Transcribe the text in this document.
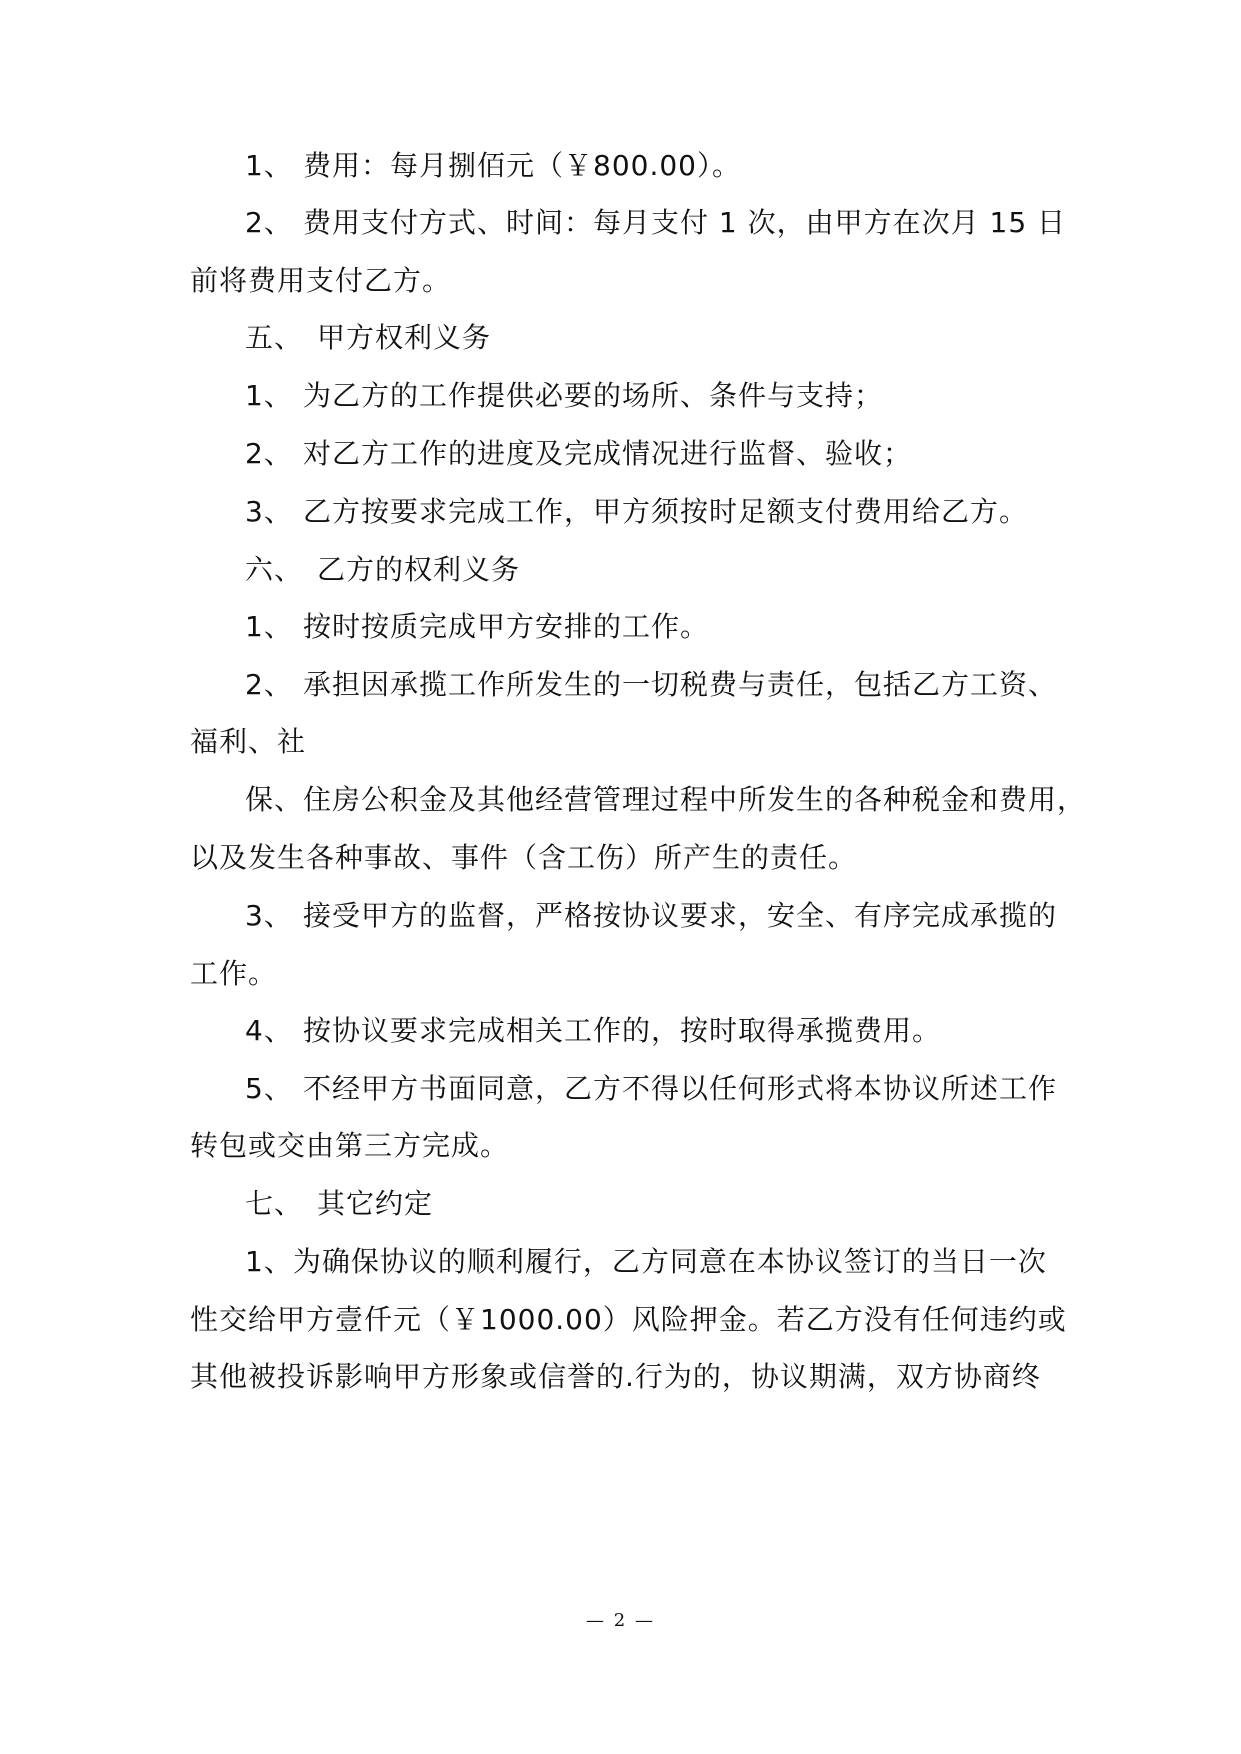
1、 费用：每月捌佰元（￥800.00）。
2、 费用支付方式、时间：每月支付 1 次，由甲方在次月 15 日
前将费用支付乙方。
五、 甲方权利义务
1、 为乙方的工作提供必要的场所、条件与支持；
2、 对乙方工作的进度及完成情况进行监督、验收；
3、 乙方按要求完成工作，甲方须按时足额支付费用给乙方。
六、 乙方的权利义务
1、 按时按质完成甲方安排的工作。
2、 承担因承揽工作所发生的一切税费与责任，包括乙方工资、
福利、社
保、住房公积金及其他经营管理过程中所发生的各种税金和费用，
以及发生各种事故、事件（含工伤）所产生的责任。
3、 接受甲方的监督，严格按协议要求，安全、有序完成承揽的
工作。
4、 按协议要求完成相关工作的，按时取得承揽费用。
5、 不经甲方书面同意，乙方不得以任何形式将本协议所述工作
转包或交由第三方完成。
七、 其它约定
1、为确保协议的顺利履行，乙方同意在本协议签订的当日一次
性交给甲方壹仟元（￥1000.00）风险押金。若乙方没有任何违约或
其他被投诉影响甲方形象或信誉的.行为的，协议期满，双方协商终
— 2 —
